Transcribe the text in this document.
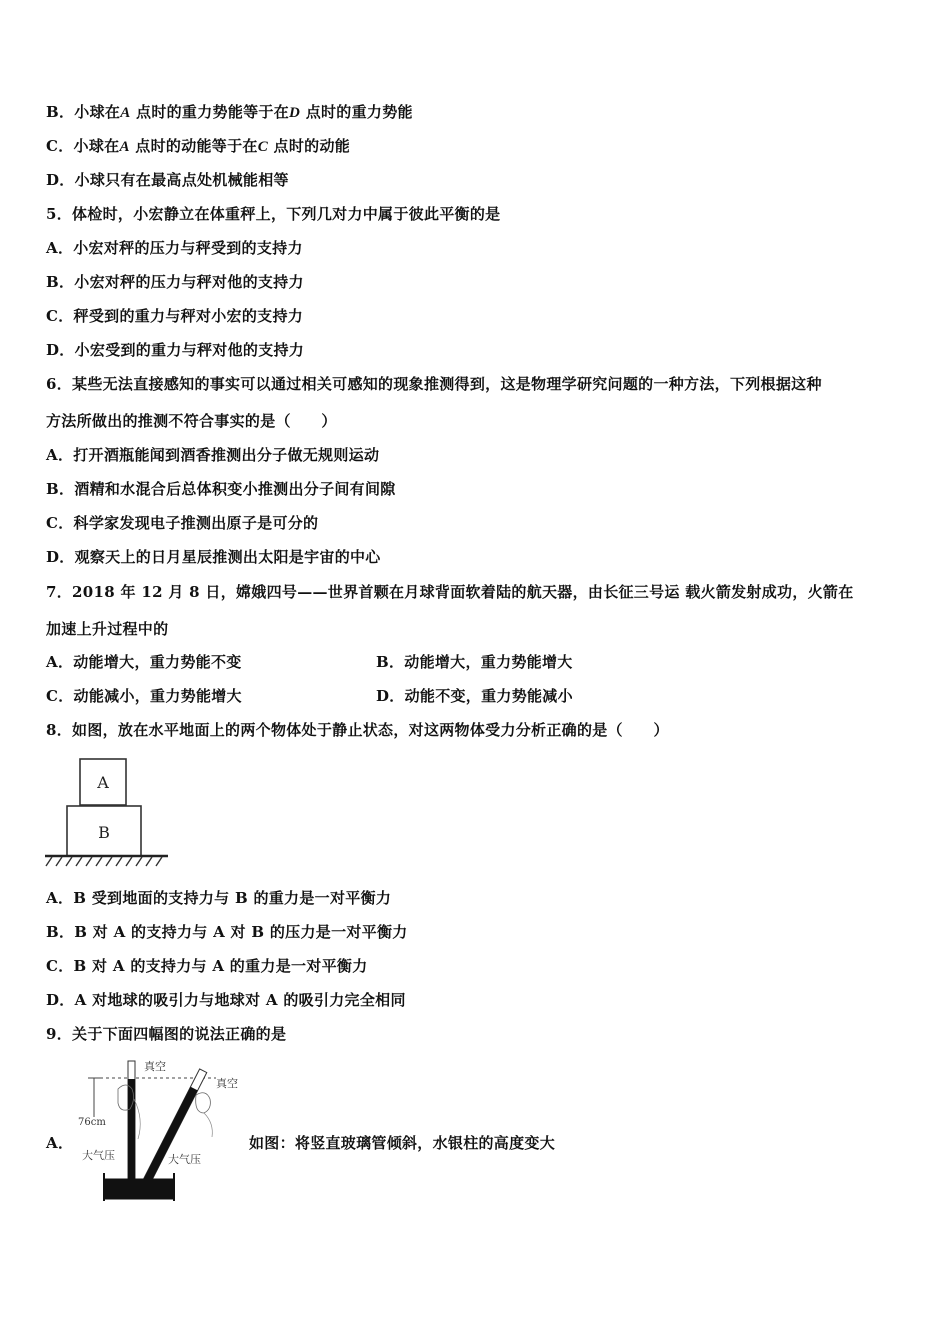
B．小球在A 点时的重力势能等于在D 点时的重力势能
C．小球在A 点时的动能等于在C 点时的动能
D．小球只有在最高点处机械能相等
5．体检时，小宏静立在体重秤上，下列几对力中属于彼此平衡的是
A．小宏对秤的压力与秤受到的支持力
B．小宏对秤的压力与秤对他的支持力
C．秤受到的重力与秤对小宏的支持力
D．小宏受到的重力与秤对他的支持力
6．某些无法直接感知的事实可以通过相关可感知的现象推测得到，这是物理学研究问题的一种方法，下列根据这种
方法所做出的推测不符合事实的是（　　）
A．打开酒瓶能闻到酒香推测出分子做无规则运动
B．酒精和水混合后总体积变小推测出分子间有间隙
C．科学家发现电子推测出原子是可分的
D．观察天上的日月星辰推测出太阳是宇宙的中心
7．2018 年 12 月 8 日，嫦娥四号——世界首颗在月球背面软着陆的航天器，由长征三号运 载火箭发射成功，火箭在
加速上升过程中的
A．动能增大，重力势能不变	B．动能增大，重力势能增大
C．动能减小，重力势能增大	D．动能不变，重力势能减小
8．如图，放在水平地面上的两个物体处于静止状态，对这两物体受力分析正确的是（　　）
A
B
A．B 受到地面的支持力与 B 的重力是一对平衡力
B．B 对 A 的支持力与 A 对 B 的压力是一对平衡力
C．B 对 A 的支持力与 A 的重力是一对平衡力
D．A 对地球的吸引力与地球对 A 的吸引力完全相同
9．关于下面四幅图的说法正确的是
A．
76cm
真空
真空
大气压	大气压
如图：将竖直玻璃管倾斜，水银柱的高度变大
